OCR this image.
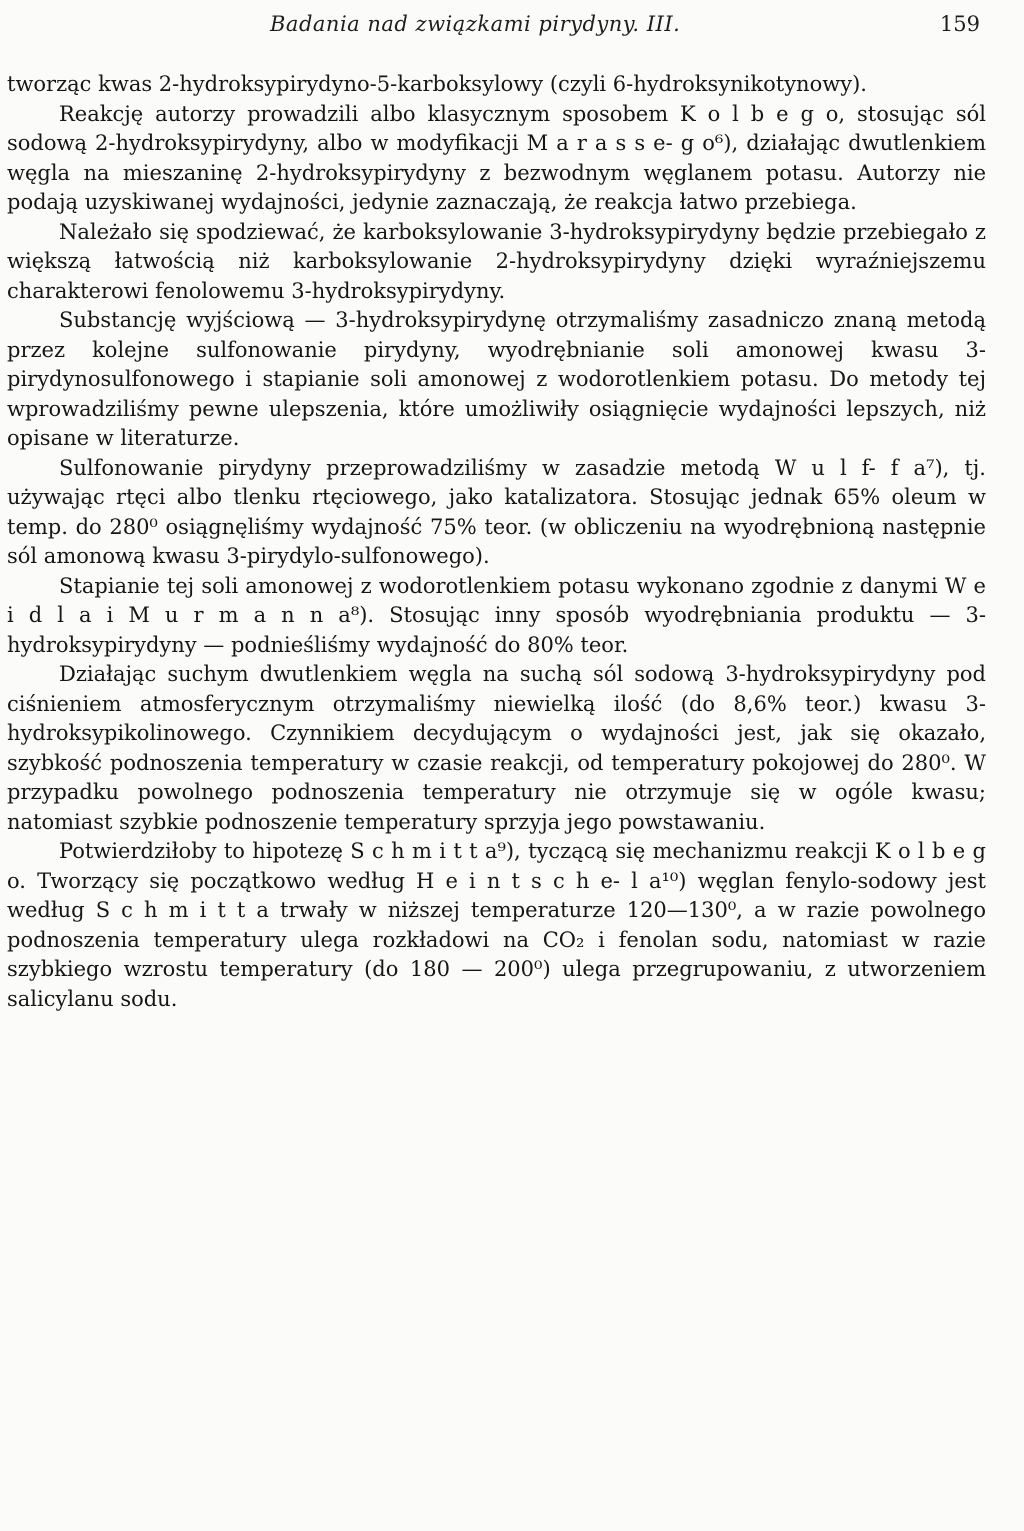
Badania nad związkami pirydyny. III.	159

tworząc kwas 2-hydroksypirydyno-5-karboksylowy (czyli 6-hydroksynikotynowy).

Reakcję autorzy prowadzili albo klasycznym sposobem K o l b e g o, stosując sól sodową 2-hydroksypirydyny, albo w modyfikacji M a r a s s e- g o⁶), działając dwutlenkiem węgla na mieszaninę 2-hydroksypirydyny z bezwodnym węglanem potasu. Autorzy nie podają uzyskiwanej wydajności, jedynie zaznaczają, że reakcja łatwo przebiega.

Należało się spodziewać, że karboksylowanie 3-hydroksypirydyny będzie przebiegało z większą łatwością niż karboksylowanie 2-hydroksypirydyny dzięki wyraźniejszemu charakterowi fenolowemu 3-hydroksypirydyny.

Substancję wyjściową — 3-hydroksypirydynę otrzymaliśmy zasadniczo znaną metodą przez kolejne sulfonowanie pirydyny, wyodrębnianie soli amonowej kwasu 3-pirydynosulfonowego i stapianie soli amonowej z wodorotlenkiem potasu. Do metody tej wprowadziliśmy pewne ulepszenia, które umożliwiły osiągnięcie wydajności lepszych, niż opisane w literaturze.

Sulfonowanie pirydyny przeprowadziliśmy w zasadzie metodą W u l f- f a⁷), tj. używając rtęci albo tlenku rtęciowego, jako katalizatora. Stosując jednak 65% oleum w temp. do 280⁰ osiągnęliśmy wydajność 75% teor. (w obliczeniu na wyodrębnioną następnie sól amonową kwasu 3-pirydylo-sulfonowego).

Stapianie tej soli amonowej z wodorotlenkiem potasu wykonano zgodnie z danymi W e i d l a i M u r m a n n a⁸). Stosując inny sposób wyodrębniania produktu — 3-hydroksypirydyny — podnieśliśmy wydajność do 80% teor.

Działając suchym dwutlenkiem węgla na suchą sól sodową 3-hydroksypirydyny pod ciśnieniem atmosferycznym otrzymaliśmy niewielką ilość (do 8,6% teor.) kwasu 3-hydroksypikolinowego. Czynnikiem decydującym o wydajności jest, jak się okazało, szybkość podnoszenia temperatury w czasie reakcji, od temperatury pokojowej do 280⁰. W przypadku powolnego podnoszenia temperatury nie otrzymuje się w ogóle kwasu; natomiast szybkie podnoszenie temperatury sprzyja jego powstawaniu.

Potwierdziłoby to hipotezę S c h m i t t a⁹), tyczącą się mechanizmu reakcji K o l b e g o. Tworzący się początkowo według H e i n t s c h e- l a¹⁰) węglan fenylo-sodowy jest według S c h m i t t a trwały w niższej temperaturze 120—130⁰, a w razie powolnego podnoszenia temperatury ulega rozkładowi na CO₂ i fenolan sodu, natomiast w razie szybkiego wzrostu temperatury (do 180 — 200⁰) ulega przegrupowaniu, z utworzeniem salicylanu sodu.
